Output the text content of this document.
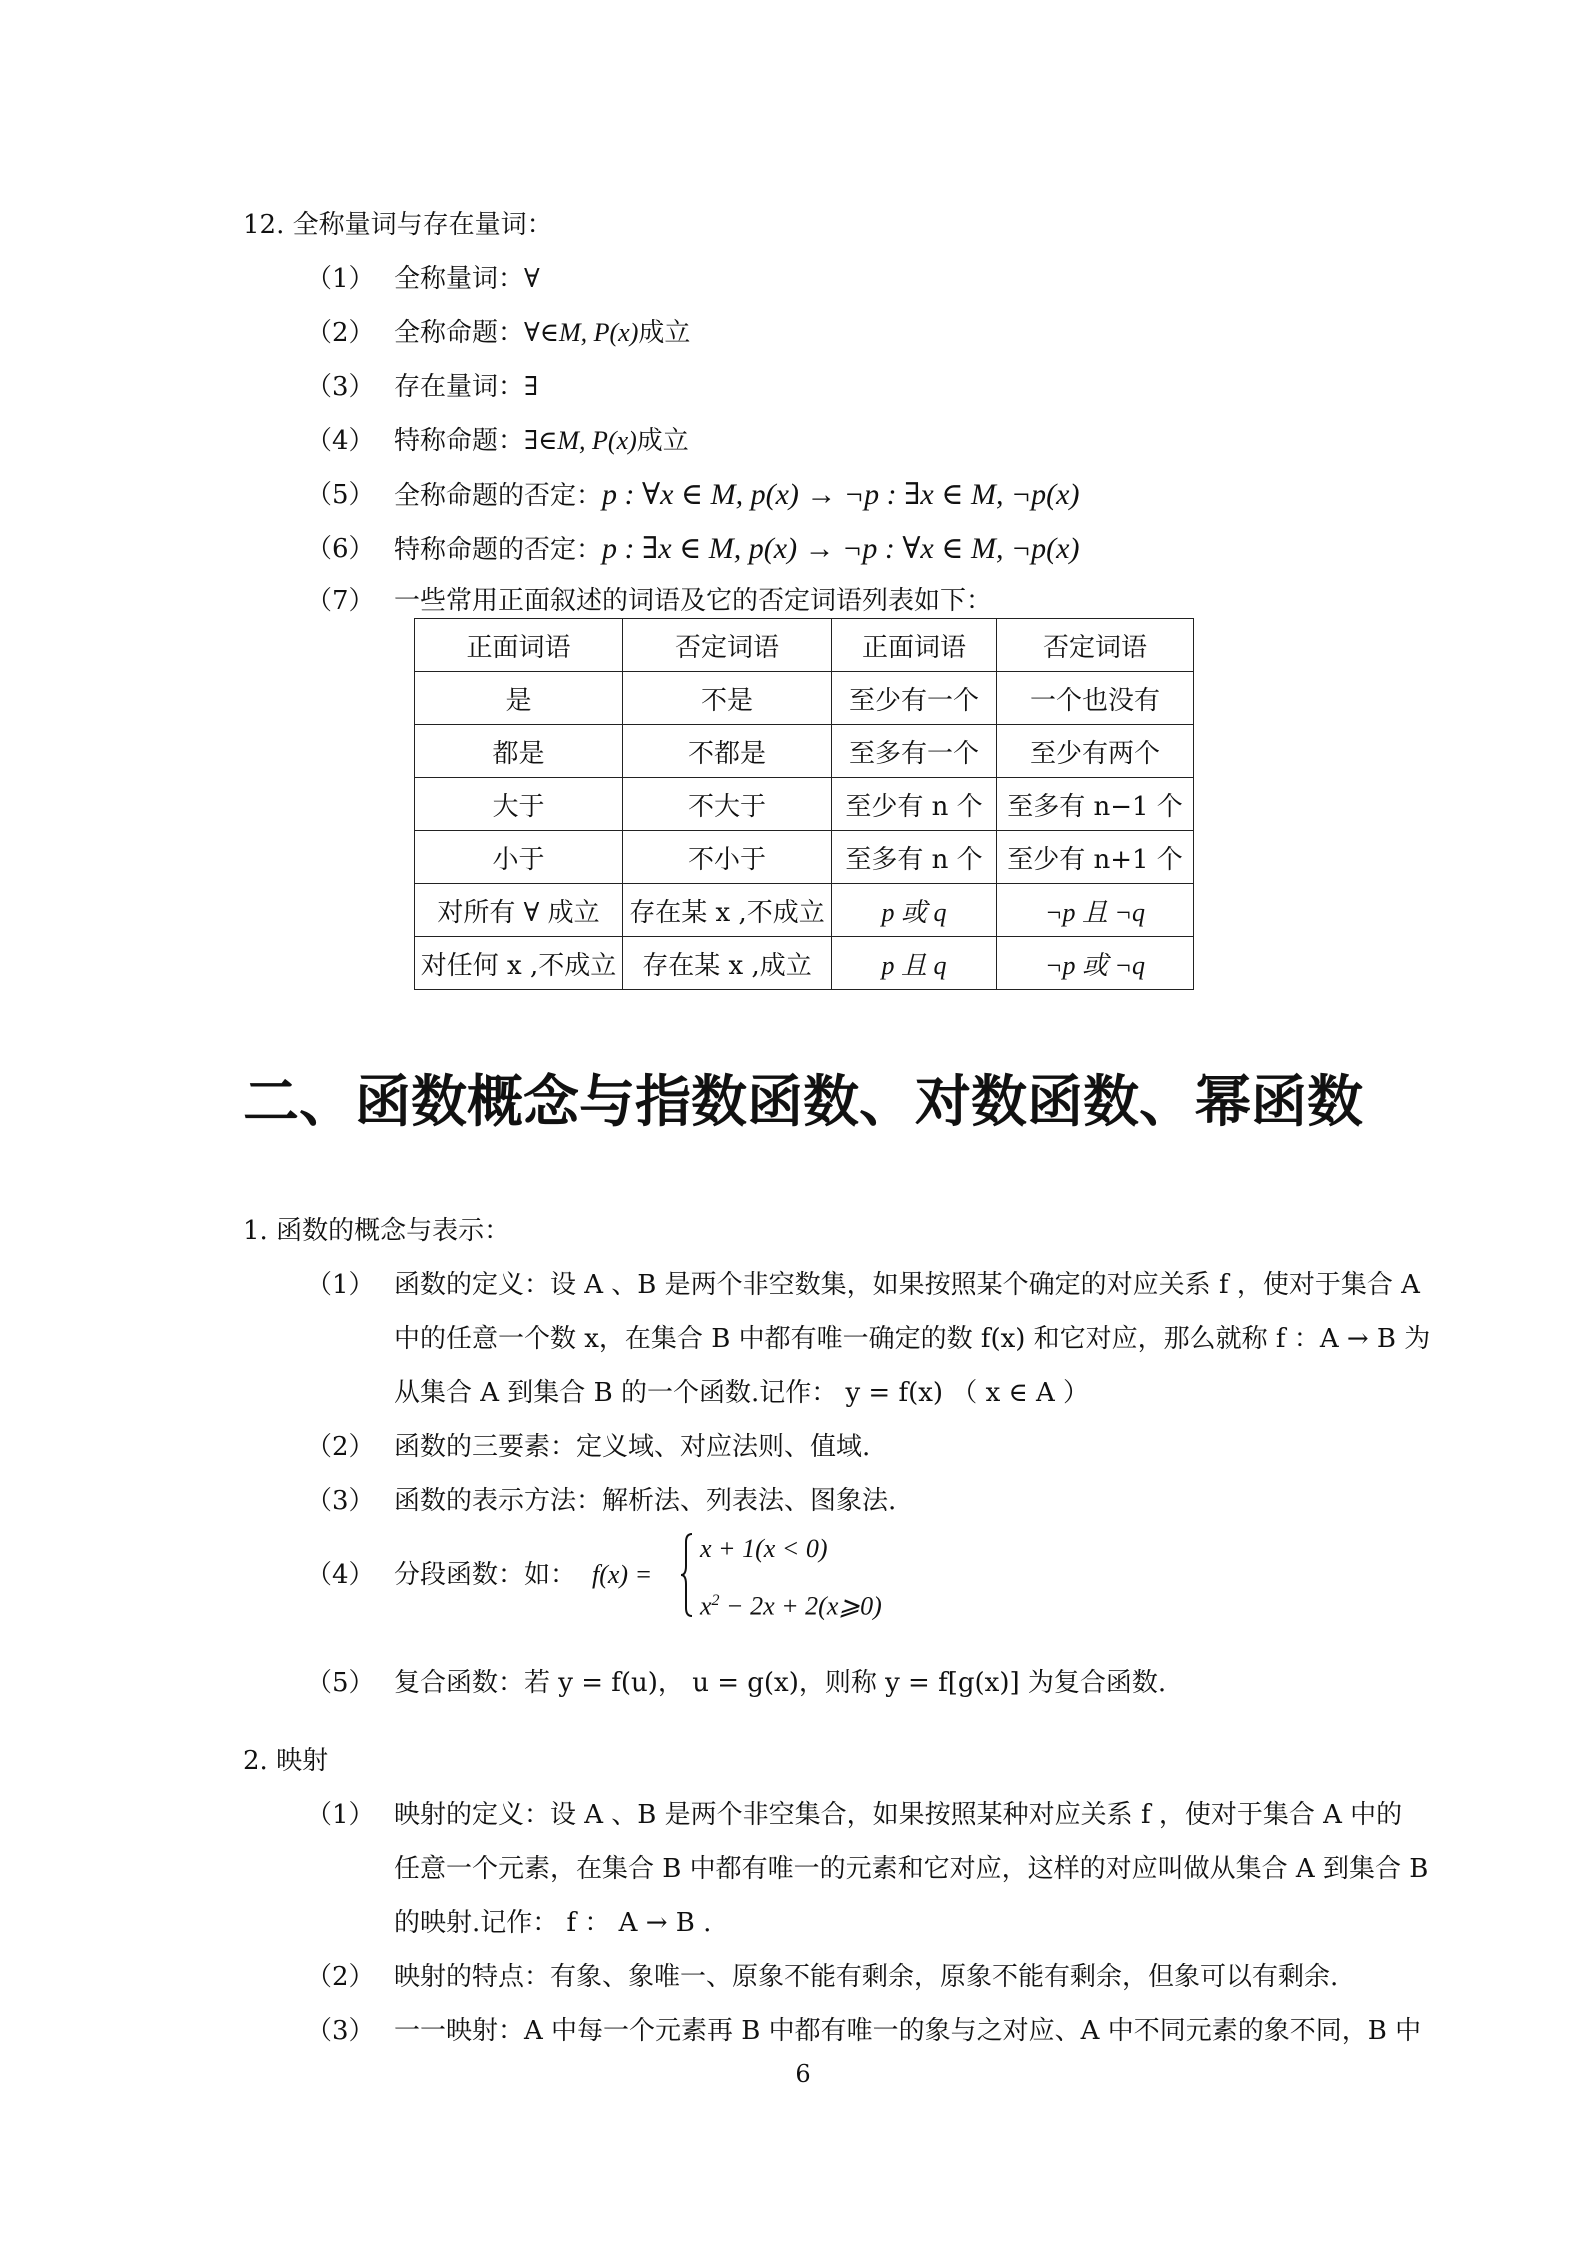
12. 全称量词与存在量词：
（1） 全称量词：∀
（2） 全称命题：∀∈M, P(x)成立
（3） 存在量词：∃
（4） 特称命题：∃∈M, P(x)成立
（5） 全称命题的否定：p : ∀x ∈ M, p(x) → ¬p : ∃x ∈ M, ¬p(x)
（6） 特称命题的否定：p : ∃x ∈ M, p(x) → ¬p : ∀x ∈ M, ¬p(x)
（7） 一些常用正面叙述的词语及它的否定词语列表如下：
正面词语	否定词语	正面词语	否定词语
是	不是	至少有一个	一个也没有
都是	不都是	至多有一个	至少有两个
大于	不大于	至少有 n 个	至多有 n−1 个
小于	不小于	至多有 n 个	至少有 n+1 个
对所有 ∀ 成立	存在某 x ,不成立	p 或 q	¬p 且 ¬q
对任何 x ,不成立	存在某 x ,成立	p 且 q	¬p 或 ¬q
二、函数概念与指数函数、对数函数、幂函数
1. 函数的概念与表示：
（1） 函数的定义：设 A 、B 是两个非空数集，如果按照某个确定的对应关系 f ，使对于集合 A
中的任意一个数 x，在集合 B 中都有唯一确定的数 f(x) 和它对应，那么就称 f ：A → B 为
从集合 A 到集合 B 的一个函数.记作： y = f(x) （ x ∈ A ）
（2） 函数的三要素：定义域、对应法则、值域.
（3） 函数的表示方法：解析法、列表法、图象法.
（4） 分段函数：如： f(x) =
x + 1(x < 0)
$x^2 - 2x$ + 2(x⩾0)
（5） 复合函数：若 y = f(u)， u = g(x)，则称 y = f[g(x)] 为复合函数.
2. 映射
（1） 映射的定义：设 A 、B 是两个非空集合，如果按照某种对应关系 f ，使对于集合 A 中的
任意一个元素，在集合 B 中都有唯一的元素和它对应，这样的对应叫做从集合 A 到集合 B
的映射.记作： f ： A → B .
（2） 映射的特点：有象、象唯一、原象不能有剩余，原象不能有剩余，但象可以有剩余.
（3） 一一映射：A 中每一个元素再 B 中都有唯一的象与之对应、A 中不同元素的象不同，B 中
6
